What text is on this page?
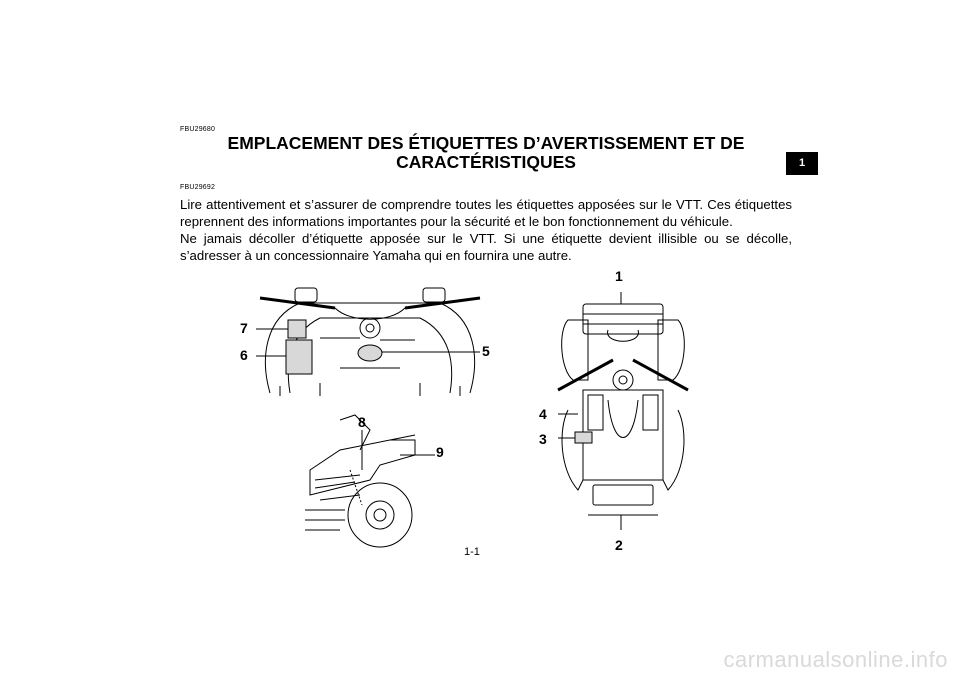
1
FBU29680
EMPLACEMENT DES ÉTIQUETTES D’AVERTISSEMENT ET DE CARACTÉRISTIQUES
FBU29692

Lire attentivement et s’assurer de comprendre toutes les étiquettes apposées sur le VTT. Ces étiquettes reprennent des informations importantes pour la sécurité et le bon fonctionnement du véhicule.

Ne jamais décoller d’étiquette apposée sur le VTT. Si une étiquette devient illisible ou se décolle, s’adresser à un concessionnaire Yamaha qui en fournira une autre.

7
6	5
8
9
1
2
3
4
1-1
carmanualsonline.info
